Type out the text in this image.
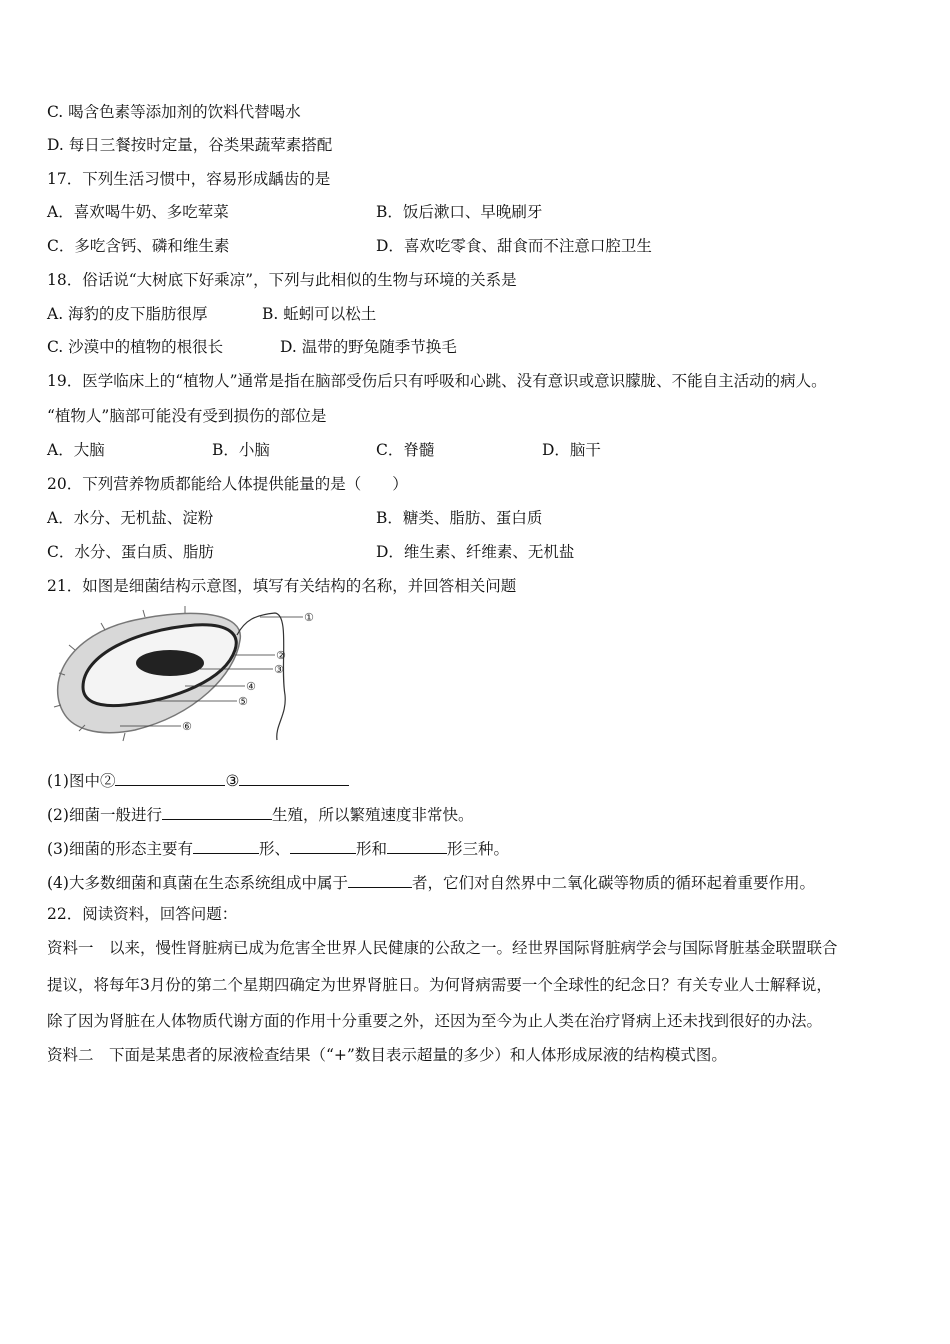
C. 喝含色素等添加剂的饮料代替喝水
D. 每日三餐按时定量，谷类果蔬荤素搭配
17．下列生活习惯中，容易形成龋齿的是
A．喜欢喝牛奶、多吃荤菜	B．饭后漱口、早晚刷牙
C．多吃含钙、磷和维生素	D．喜欢吃零食、甜食而不注意口腔卫生
18．俗话说“大树底下好乘凉”，下列与此相似的生物与环境的关系是
A. 海豹的皮下脂肪很厚	B. 蚯蚓可以松土
C. 沙漠中的植物的根很长	D. 温带的野兔随季节换毛
19．医学临床上的“植物人”通常是指在脑部受伤后只有呼吸和心跳、没有意识或意识朦胧、不能自主活动的病人。
“植物人”脑部可能没有受到损伤的部位是
A．大脑	B．小脑	C．脊髓	D．脑干
20．下列营养物质都能给人体提供能量的是（　　）
A．水分、无机盐、淀粉	B．糖类、脂肪、蛋白质
C．水分、蛋白质、脂肪	D．维生素、纤维素、无机盐
21．如图是细菌结构示意图，填写有关结构的名称，并回答相关问题
①
②
③
④
⑤
⑥
(1)图中②	③
(2)细菌一般进行	生殖，所以繁殖速度非常快。
(3)细菌的形态主要有	形、	形和	形三种。
(4)大多数细菌和真菌在生态系统组成中属于	者，它们对自然界中二氧化碳等物质的循环起着重要作用。
22．阅读资料，回答问题：
资料一　以来，慢性肾脏病已成为危害全世界人民健康的公敌之一。经世界国际肾脏病学会与国际肾脏基金联盟联合
提议，将每年3月份的第二个星期四确定为世界肾脏日。为何肾病需要一个全球性的纪念日？有关专业人士解释说，
除了因为肾脏在人体物质代谢方面的作用十分重要之外，还因为至今为止人类在治疗肾病上还未找到很好的办法。
资料二　下面是某患者的尿液检查结果（“+”数目表示超量的多少）和人体形成尿液的结构模式图。
